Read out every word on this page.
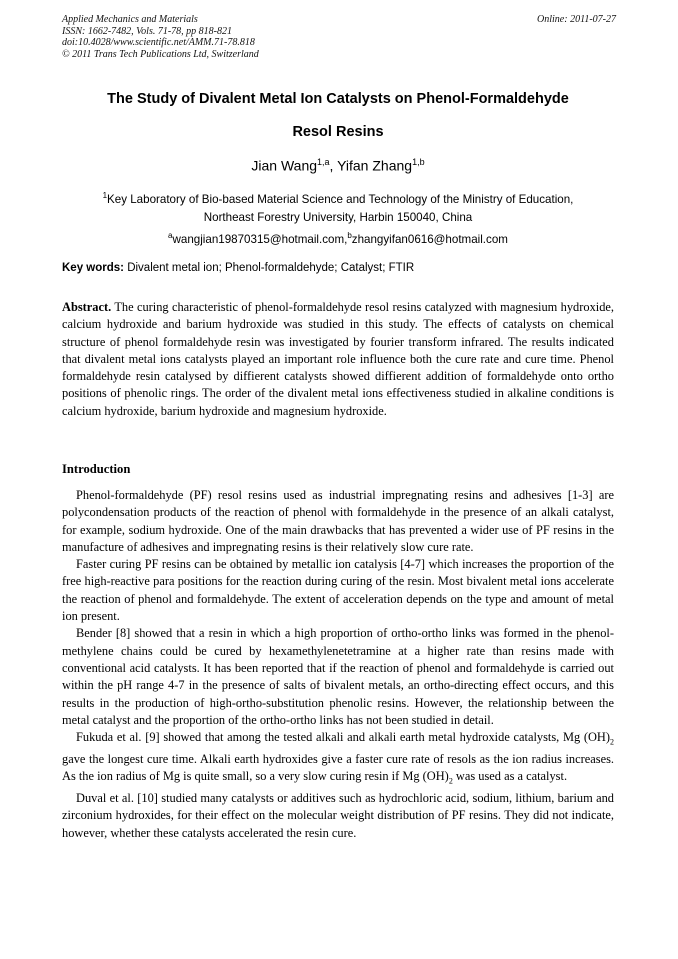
Applied Mechanics and Materials
ISSN: 1662-7482, Vols. 71-78, pp 818-821
doi:10.4028/www.scientific.net/AMM.71-78.818
© 2011 Trans Tech Publications Ltd, Switzerland
Online: 2011-07-27
The Study of Divalent Metal Ion Catalysts on Phenol-Formaldehyde
Resol Resins
Jian Wang$^{1,a}$, Yifan Zhang$^{1,b}$
$^1$Key Laboratory of Bio-based Material Science and Technology of the Ministry of Education,
Northeast Forestry University, Harbin 150040, China
$^a$wangjian19870315@hotmail.com,$^b$zhangyifan0616@hotmail.com
Key words: Divalent metal ion; Phenol-formaldehyde; Catalyst; FTIR
Abstract. The curing characteristic of phenol-formaldehyde resol resins catalyzed with magnesium hydroxide, calcium hydroxide and barium hydroxide was studied in this study. The effects of catalysts on chemical structure of phenol formaldehyde resin was investigated by fourier transform infrared. The results indicated that divalent metal ions catalysts played an important role influence both the cure rate and cure time. Phenol formaldehyde resin catalysed by diffierent catalysts showed diffierent addition of formaldehyde onto ortho positions of phenolic rings. The order of the divalent metal ions effectiveness studied in alkaline conditions is calcium hydroxide, barium hydroxide and magnesium hydroxide.
Introduction

Phenol-formaldehyde (PF) resol resins used as industrial impregnating resins and adhesives [1-3] are polycondensation products of the reaction of phenol with formaldehyde in the presence of an alkali catalyst, for example, sodium hydroxide. One of the main drawbacks that has prevented a wider use of PF resins in the manufacture of adhesives and impregnating resins is their relatively slow cure rate.

Faster curing PF resins can be obtained by metallic ion catalysis [4-7] which increases the proportion of the free high-reactive para positions for the reaction during curing of the resin. Most bivalent metal ions accelerate the reaction of phenol and formaldehyde. The extent of acceleration depends on the type and amount of metal ion present.

Bender [8] showed that a resin in which a high proportion of ortho-ortho links was formed in the phenol-methylene chains could be cured by hexamethylenetetramine at a higher rate than resins made with conventional acid catalysts. It has been reported that if the reaction of phenol and formaldehyde is carried out within the pH range 4-7 in the presence of salts of bivalent metals, an ortho-directing effect occurs, and this results in the production of high-ortho-substitution phenolic resins. However, the relationship between the metal catalyst and the proportion of the ortho-ortho links has not been studied in detail.

Fukuda et al. [9] showed that among the tested alkali and alkali earth metal hydroxide catalysts, Mg $(OH)_2$ gave the longest cure time. Alkali earth hydroxides give a faster cure rate of resols as the ion radius increases. As the ion radius of Mg is quite small, so a very slow curing resin if Mg $(OH)_2$ was used as a catalyst.

Duval et al. [10] studied many catalysts or additives such as hydrochloric acid, sodium, lithium, barium and zirconium hydroxides, for their effect on the molecular weight distribution of PF resins. They did not indicate, however, whether these catalysts accelerated the resin cure.
